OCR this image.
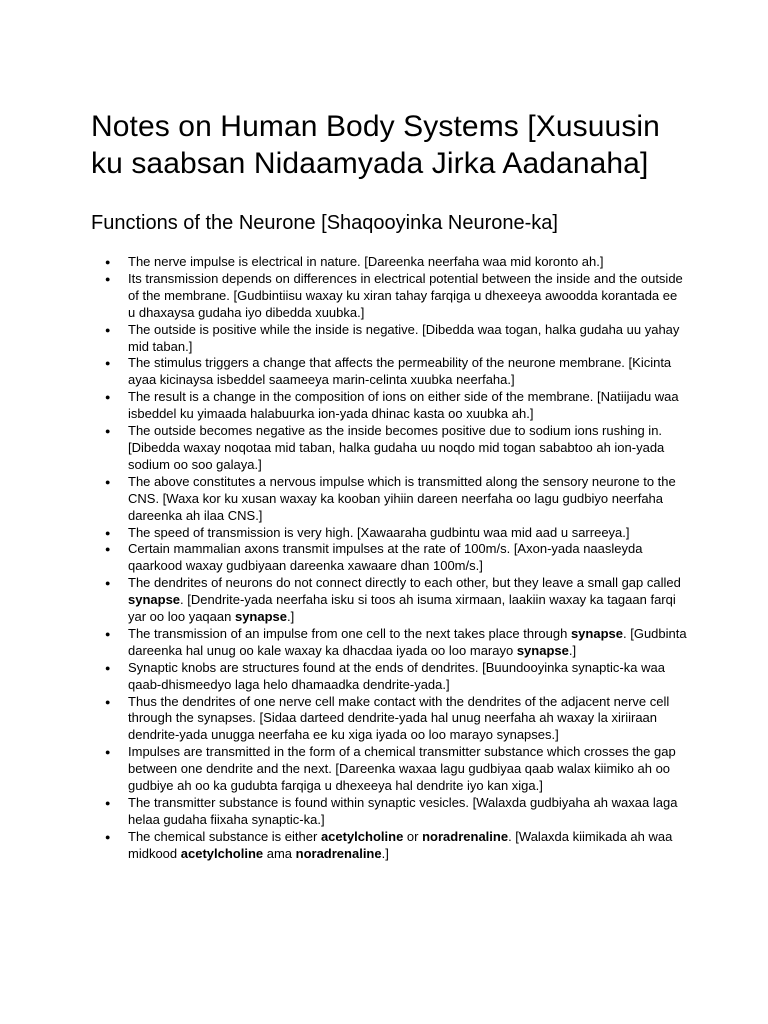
Notes on Human Body Systems [Xusuusin ku saabsan Nidaamyada Jirka Aadanaha]
Functions of the Neurone [Shaqooyinka Neurone-ka]
● The nerve impulse is electrical in nature. [Dareenka neerfaha waa mid koronto ah.]
● Its transmission depends on differences in electrical potential between the inside and the outside of the membrane. [Gudbintiisu waxay ku xiran tahay farqiga u dhexeeya awoodda korantada ee u dhaxaysa gudaha iyo dibedda xuubka.]
● The outside is positive while the inside is negative. [Dibedda waa togan, halka gudaha uu yahay mid taban.]
● The stimulus triggers a change that affects the permeability of the neurone membrane. [Kicinta ayaa kicinaysa isbeddel saameeya marin-celinta xuubka neerfaha.]
● The result is a change in the composition of ions on either side of the membrane. [Natiijadu waa isbeddel ku yimaada halabuurka ion-yada dhinac kasta oo xuubka ah.]
● The outside becomes negative as the inside becomes positive due to sodium ions rushing in. [Dibedda waxay noqotaa mid taban, halka gudaha uu noqdo mid togan sababtoo ah ion-yada sodium oo soo galaya.]
● The above constitutes a nervous impulse which is transmitted along the sensory neurone to the CNS. [Waxa kor ku xusan waxay ka kooban yihiin dareen neerfaha oo lagu gudbiyo neerfaha dareenka ah ilaa CNS.]
● The speed of transmission is very high. [Xawaaraha gudbintu waa mid aad u sarreeya.]
● Certain mammalian axons transmit impulses at the rate of 100m/s. [Axon-yada naasleyda qaarkood waxay gudbiyaan dareenka xawaare dhan 100m/s.]
● The dendrites of neurons do not connect directly to each other, but they leave a small gap called synapse. [Dendrite-yada neerfaha isku si toos ah isuma xirmaan, laakiin waxay ka tagaan farqi yar oo loo yaqaan synapse.]
● The transmission of an impulse from one cell to the next takes place through synapse. [Gudbinta dareenka hal unug oo kale waxay ka dhacdaa iyada oo loo marayo synapse.]
● Synaptic knobs are structures found at the ends of dendrites. [Buundooyinka synaptic-ka waa qaab-dhismeedyo laga helo dhamaadka dendrite-yada.]
● Thus the dendrites of one nerve cell make contact with the dendrites of the adjacent nerve cell through the synapses. [Sidaa darteed dendrite-yada hal unug neerfaha ah waxay la xiriiraan dendrite-yada unugga neerfaha ee ku xiga iyada oo loo marayo synapses.]
● Impulses are transmitted in the form of a chemical transmitter substance which crosses the gap between one dendrite and the next. [Dareenka waxaa lagu gudbiyaa qaab walax kiimiko ah oo gudbiye ah oo ka gudubta farqiga u dhexeeya hal dendrite iyo kan xiga.]
● The transmitter substance is found within synaptic vesicles. [Walaxda gudbiyaha ah waxaa laga helaa gudaha fiixaha synaptic-ka.]
● The chemical substance is either acetylcholine or noradrenaline. [Walaxda kiimikada ah waa midkood acetylcholine ama noradrenaline.]
